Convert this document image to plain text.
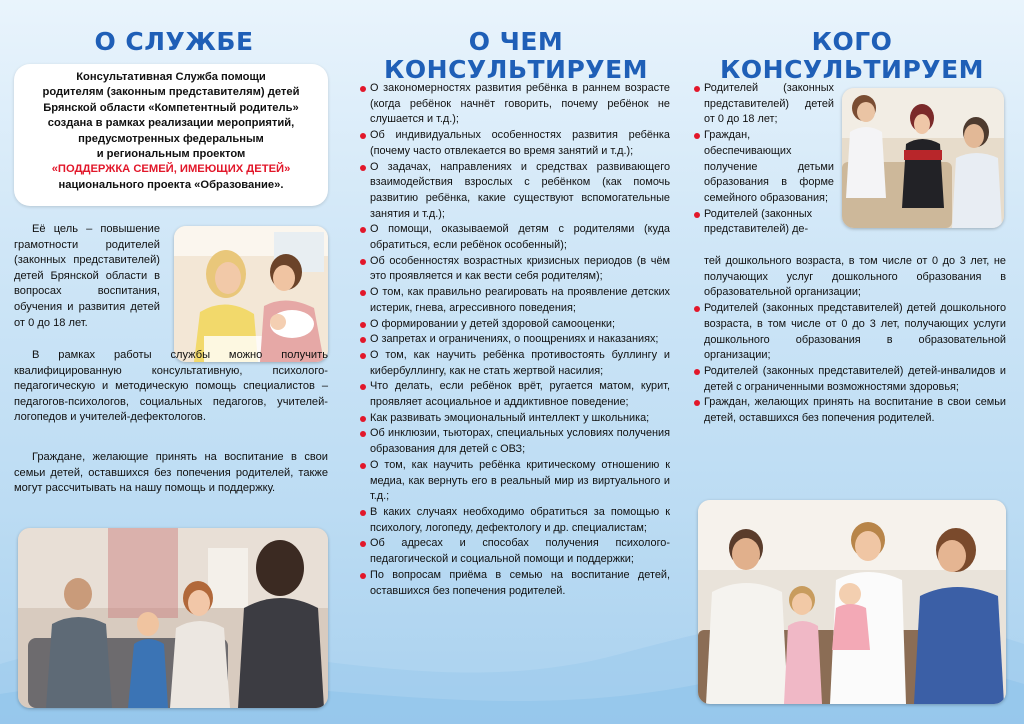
О СЛУЖБЕ
Консультативная Служба помощи
родителям (законным представителям) детей
Брянской области «Компетентный родитель»
создана в рамках реализации мероприятий,
предусмотренных федеральным
и региональным проектом
«ПОДДЕРЖКА СЕМЕЙ, ИМЕЮЩИХ ДЕТЕЙ»
национального проекта «Образование».

Её цель – повышение грамотности родителей (законных представителей) детей Брянской области в вопросах воспитания, обучения и развития детей от 0 до 18 лет.

В рамках работы службы можно получить квалифицированную консультативную, психолого-педагогическую и методическую помощь специалистов – педагогов-психологов, социальных педагогов, учителей-логопедов и учителей-дефектологов.

Граждане, желающие принять на воспитание в свои семьи детей, оставшихся без попечения родителей, также могут рассчитывать на нашу помощь и поддержку.

О ЧЕМ
КОНСУЛЬТИРУЕМ
О закономерностях развития ребёнка в раннем возрасте (когда ребёнок начнёт говорить, почему ребёнок не слушается и т.д.);
Об индивидуальных особенностях развития ребёнка (почему часто отвлекается во время занятий и т.д.);
О задачах, направлениях и средствах развивающего взаимодействия взрослых с ребёнком (как помочь развитию ребёнка, какие существуют вспомогательные занятия и т.д.);
О помощи, оказываемой детям с родителями (куда обратиться, если ребёнок особенный);
Об особенностях возрастных кризисных периодов (в чём это проявляется и как вести себя родителям);
О том, как правильно реагировать на проявление детских истерик, гнева, агрессивного поведения;
О формировании у детей здоровой самооценки;
О запретах и ограничениях, о поощрениях и наказаниях;
О том, как научить ребёнка противостоять буллингу и кибербуллингу, как не стать жертвой насилия;
Что делать, если ребёнок врёт, ругается матом, курит, проявляет асоциальное и аддиктивное поведение;
Как развивать эмоциональный интеллект у школьника;
Об инклюзии, тьюторах, специальных условиях получения образования для детей с ОВЗ;
О том, как научить ребёнка критическому отношению к медиа, как вернуть его в реальный мир из виртуального и т.д.;
В каких случаях необходимо обратиться за помощью к психологу, логопеду, дефектологу и др. специалистам;
Об адресах и способах получения психолого-педагогической и социальной помощи и поддержки;
По вопросам приёма в семью на воспитание детей, оставшихся без попечения родителей.
КОГО
КОНСУЛЬТИРУЕМ
Родителей (законных представителей) детей от 0 до 18 лет;
Граждан, обеспечивающих получение детьми образования в форме семейного образования;
Родителей (законных представителей) де-
тей дошкольного возраста, в том числе от 0 до 3 лет, не получающих услуг дошкольного образования в образовательной организации;
Родителей (законных представителей) детей дошкольного возраста, в том числе от 0 до 3 лет, получающих услуги дошкольного образования в образовательной организации;
Родителей (законных представителей) детей-инвалидов и детей с ограниченными возможностями здоровья;
Граждан, желающих принять на воспитание в свои семьи детей, оставшихся без попечения родителей.
